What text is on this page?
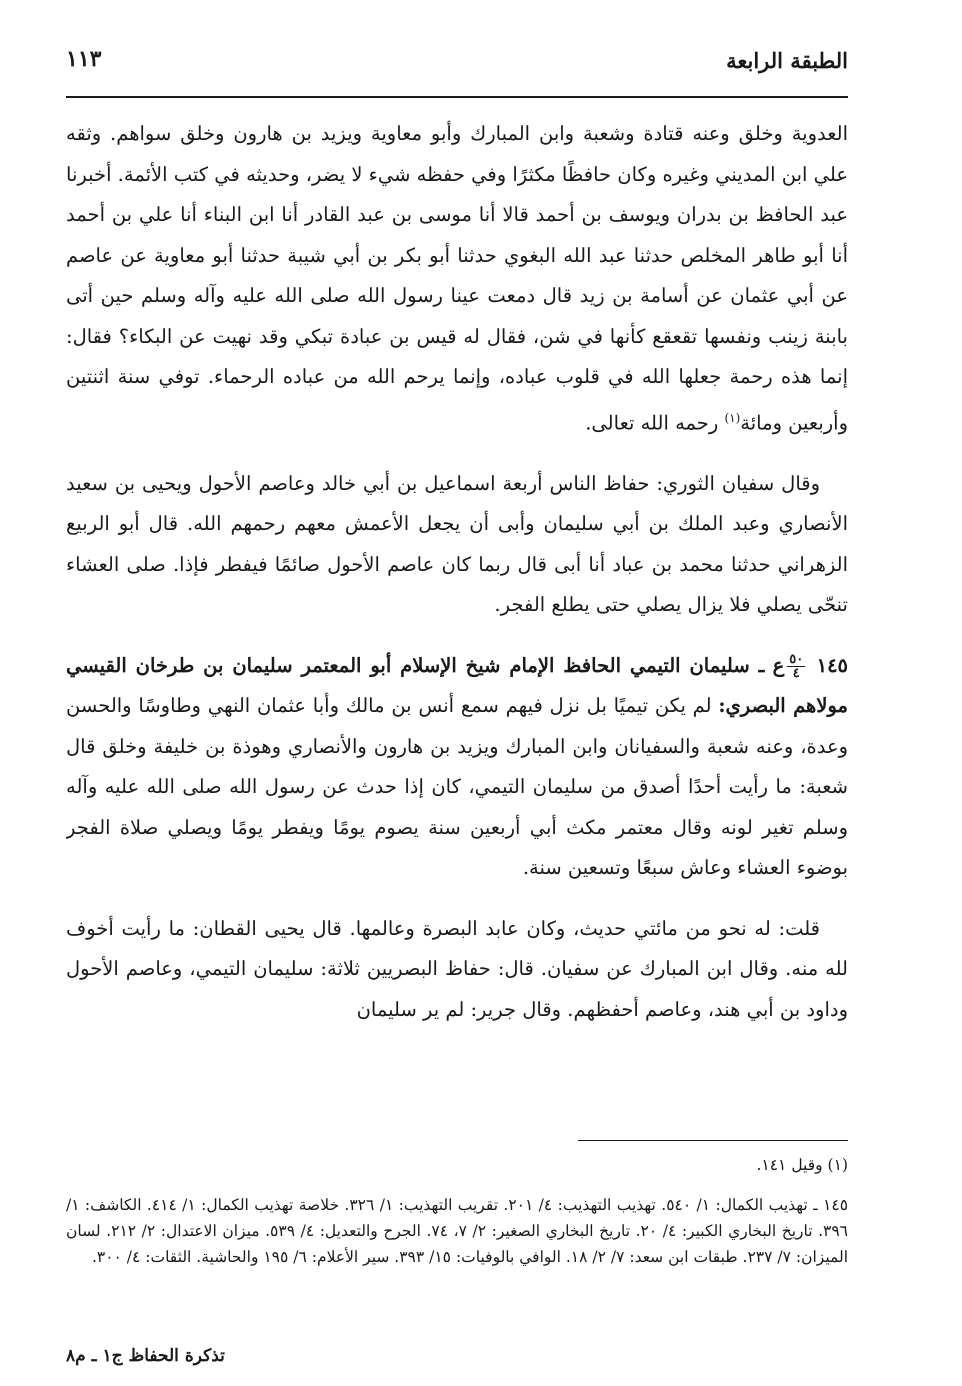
الطبقة الرابعة
١١٣

العدوية وخلق وعنه قتادة وشعبة وابن المبارك وأبو معاوية ويزيد بن هارون وخلق سواهم. وثقه علي ابن المديني وغيره وكان حافظًا مكثرًا وفي حفظه شيء لا يضر، وحديثه في كتب الأئمة. أخبرنا عبد الحافظ بن بدران ويوسف بن أحمد قالا أنا موسى بن عبد القادر أنا ابن البناء أنا علي بن أحمد أنا أبو طاهر المخلص حدثنا عبد الله البغوي حدثنا أبو بكر بن أبي شيبة حدثنا أبو معاوية عن عاصم عن أبي عثمان عن أسامة بن زيد قال دمعت عينا رسول الله صلى الله عليه وآله وسلم حين أتى بابنة زينب ونفسها تقعقع كأنها في شن، فقال له قيس بن عبادة تبكي وقد نهيت عن البكاء؟ فقال: إنما هذه رحمة جعلها الله في قلوب عباده، وإنما يرحم الله من عباده الرحماء. توفي سنة اثنتين وأربعين ومائة$^{(١)}$ رحمه الله تعالى.

وقال سفيان الثوري: حفاظ الناس أربعة اسماعيل بن أبي خالد وعاصم الأحول ويحيى بن سعيد الأنصاري وعبد الملك بن أبي سليمان وأبى أن يجعل الأعمش معهم رحمهم الله. قال أبو الربيع الزهراني حدثنا محمد بن عباد أنا أبى قال ربما كان عاصم الأحول صائمًا فيفطر فإذا. صلى العشاء تنحّى يصلي فلا يزال يصلي حتى يطلع الفجر.

١٤٥
$\frac{٥٠}{٤}$
ع ـ سليمان التيمي الحافظ الإمام شيخ الإسلام أبو المعتمر سليمان بن طرخان القيسي مولاهم البصري: لم يكن تيميًا بل نزل فيهم سمع أنس بن مالك وأبا عثمان النهي وطاوسًا والحسن وعدة، وعنه شعبة والسفيانان وابن المبارك ويزيد بن هارون والأنصاري وهوذة بن خليفة وخلق قال شعبة: ما رأيت أحدًا أصدق من سليمان التيمي، كان إذا حدث عن رسول الله صلى الله عليه وآله وسلم تغير لونه وقال معتمر مكث أبي أربعين سنة يصوم يومًا ويفطر يومًا ويصلي صلاة الفجر بوضوء العشاء وعاش سبعًا وتسعين سنة.

قلت: له نحو من مائتي حديث، وكان عابد البصرة وعالمها. قال يحيى القطان: ما رأيت أخوف لله منه. وقال ابن المبارك عن سفيان. قال: حفاظ البصريين ثلاثة: سليمان التيمي، وعاصم الأحول وداود بن أبي هند، وعاصم أحفظهم. وقال جرير: لم ير سليمان

(١) وقيل ١٤١.

١٤٥ ـ تهذيب الكمال: ١/ ٥٤٠. تهذيب التهذيب: ٤/ ٢٠١. تقريب التهذيب: ١/ ٣٢٦. خلاصة تهذيب الكمال: ١/ ٤١٤. الكاشف: ١/ ٣٩٦. تاريخ البخاري الكبير: ٤/ ٢٠. تاريخ البخاري الصغير: ٢/ ٧، ٧٤. الجرح والتعديل: ٤/ ٥٣٩. ميزان الاعتدال: ٢/ ٢١٢. لسان الميزان: ٧/ ٢٣٧. طبقات ابن سعد: ٧/ ٢/ ١٨. الوافي بالوفيات: ١٥/ ٣٩٣. سير الأعلام: ٦/ ١٩٥ والحاشية. الثقات: ٤/ ٣٠٠.

تذكرة الحفاظ ج١ ـ م٨
